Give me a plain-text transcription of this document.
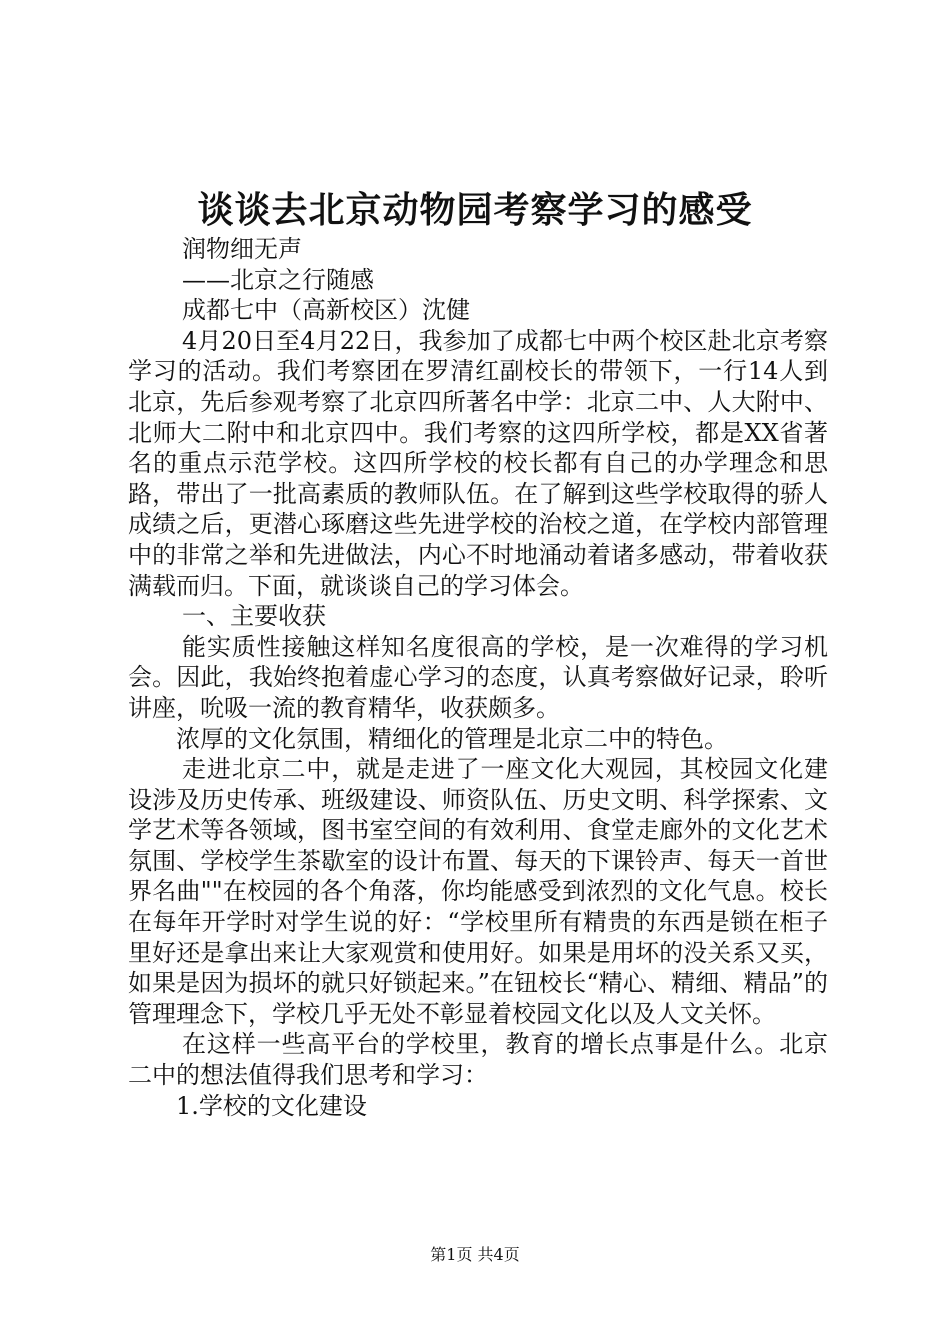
谈谈去北京动物园考察学习的感受

润物细无声

——北京之行随感

成都七中（高新校区）沈健

4月20日至4月22日，我参加了成都七中两个校区赴北京考察学习的活动。我们考察团在罗清红副校长的带领下，一行14人到北京，先后参观考察了北京四所著名中学：北京二中、人大附中、北师大二附中和北京四中。我们考察的这四所学校，都是XX省著名的重点示范学校。这四所学校的校长都有自己的办学理念和思路，带出了一批高素质的教师队伍。在了解到这些学校取得的骄人成绩之后，更潜心琢磨这些先进学校的治校之道，在学校内部管理中的非常之举和先进做法，内心不时地涌动着诸多感动，带着收获满载而归。下面，就谈谈自己的学习体会。

一、主要收获

能实质性接触这样知名度很高的学校，是一次难得的学习机会。因此，我始终抱着虚心学习的态度，认真考察做好记录，聆听讲座，吮吸一流的教育精华，收获颇多。

浓厚的文化氛围，精细化的管理是北京二中的特色。

走进北京二中，就是走进了一座文化大观园，其校园文化建设涉及历史传承、班级建设、师资队伍、历史文明、科学探索、文学艺术等各领域，图书室空间的有效利用、食堂走廊外的文化艺术氛围、学校学生茶歇室的设计布置、每天的下课铃声、每天一首世界名曲""在校园的各个角落，你均能感受到浓烈的文化气息。校长在每年开学时对学生说的好：“学校里所有精贵的东西是锁在柜子里好还是拿出来让大家观赏和使用好。如果是用坏的没关系又买，如果是因为损坏的就只好锁起来。”在钮校长“精心、精细、精品”的管理理念下，学校几乎无处不彰显着校园文化以及人文关怀。

在这样一些高平台的学校里，教育的增长点事是什么。北京二中的想法值得我们思考和学习：

1.学校的文化建设

第1页 共4页
